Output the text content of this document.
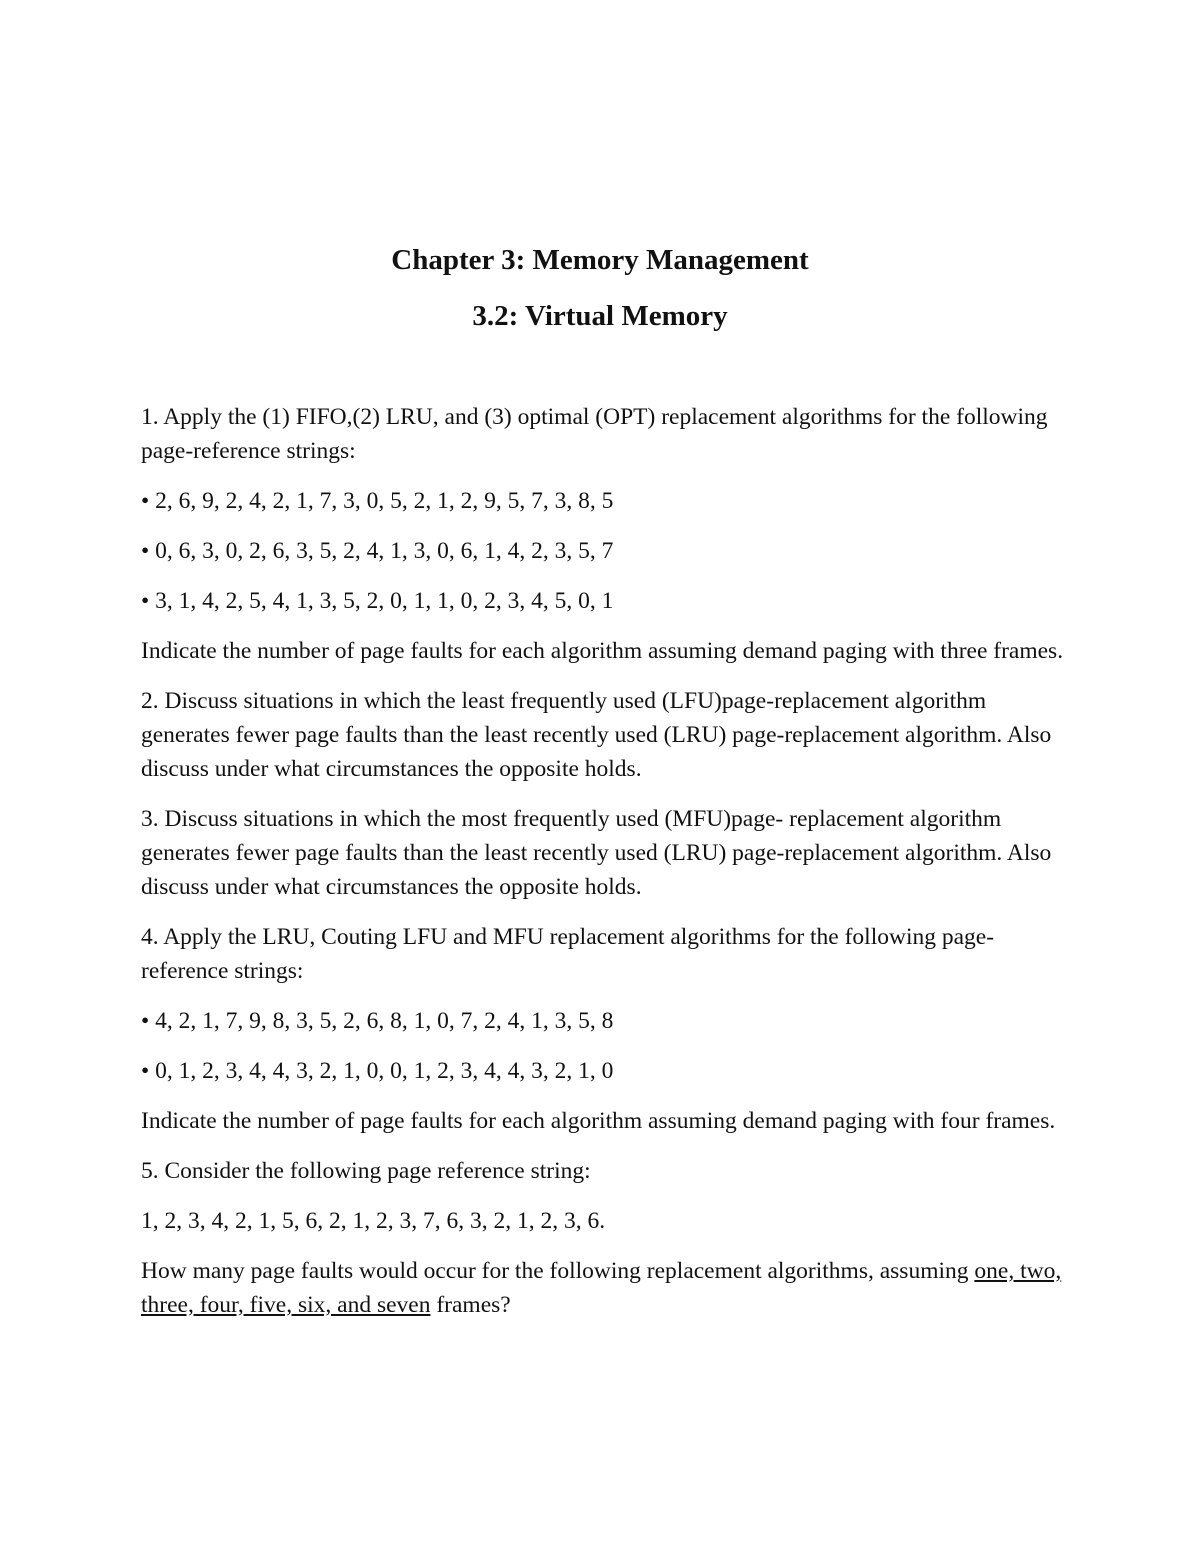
Chapter 3: Memory Management
3.2: Virtual Memory

1. Apply the (1) FIFO,(2) LRU, and (3) optimal (OPT) replacement algorithms for the following page-reference strings:

• 2, 6, 9, 2, 4, 2, 1, 7, 3, 0, 5, 2, 1, 2, 9, 5, 7, 3, 8, 5

• 0, 6, 3, 0, 2, 6, 3, 5, 2, 4, 1, 3, 0, 6, 1, 4, 2, 3, 5, 7

• 3, 1, 4, 2, 5, 4, 1, 3, 5, 2, 0, 1, 1, 0, 2, 3, 4, 5, 0, 1

Indicate the number of page faults for each algorithm assuming demand paging with three frames.

2. Discuss situations in which the least frequently used (LFU)page-replacement algorithm generates fewer page faults than the least recently used (LRU) page-replacement algorithm. Also discuss under what circumstances the opposite holds.

3. Discuss situations in which the most frequently used (MFU)page- replacement algorithm generates fewer page faults than the least recently used (LRU) page-replacement algorithm. Also discuss under what circumstances the opposite holds.

4. Apply the LRU, Couting LFU and MFU replacement algorithms for the following page-reference strings:

• 4, 2, 1, 7, 9, 8, 3, 5, 2, 6, 8, 1, 0, 7, 2, 4, 1, 3, 5, 8

• 0, 1, 2, 3, 4, 4, 3, 2, 1, 0, 0, 1, 2, 3, 4, 4, 3, 2, 1, 0

Indicate the number of page faults for each algorithm assuming demand paging with four frames.

5. Consider the following page reference string:

1, 2, 3, 4, 2, 1, 5, 6, 2, 1, 2, 3, 7, 6, 3, 2, 1, 2, 3, 6.

How many page faults would occur for the following replacement algorithms, assuming one, two, three, four, five, six, and seven frames?
